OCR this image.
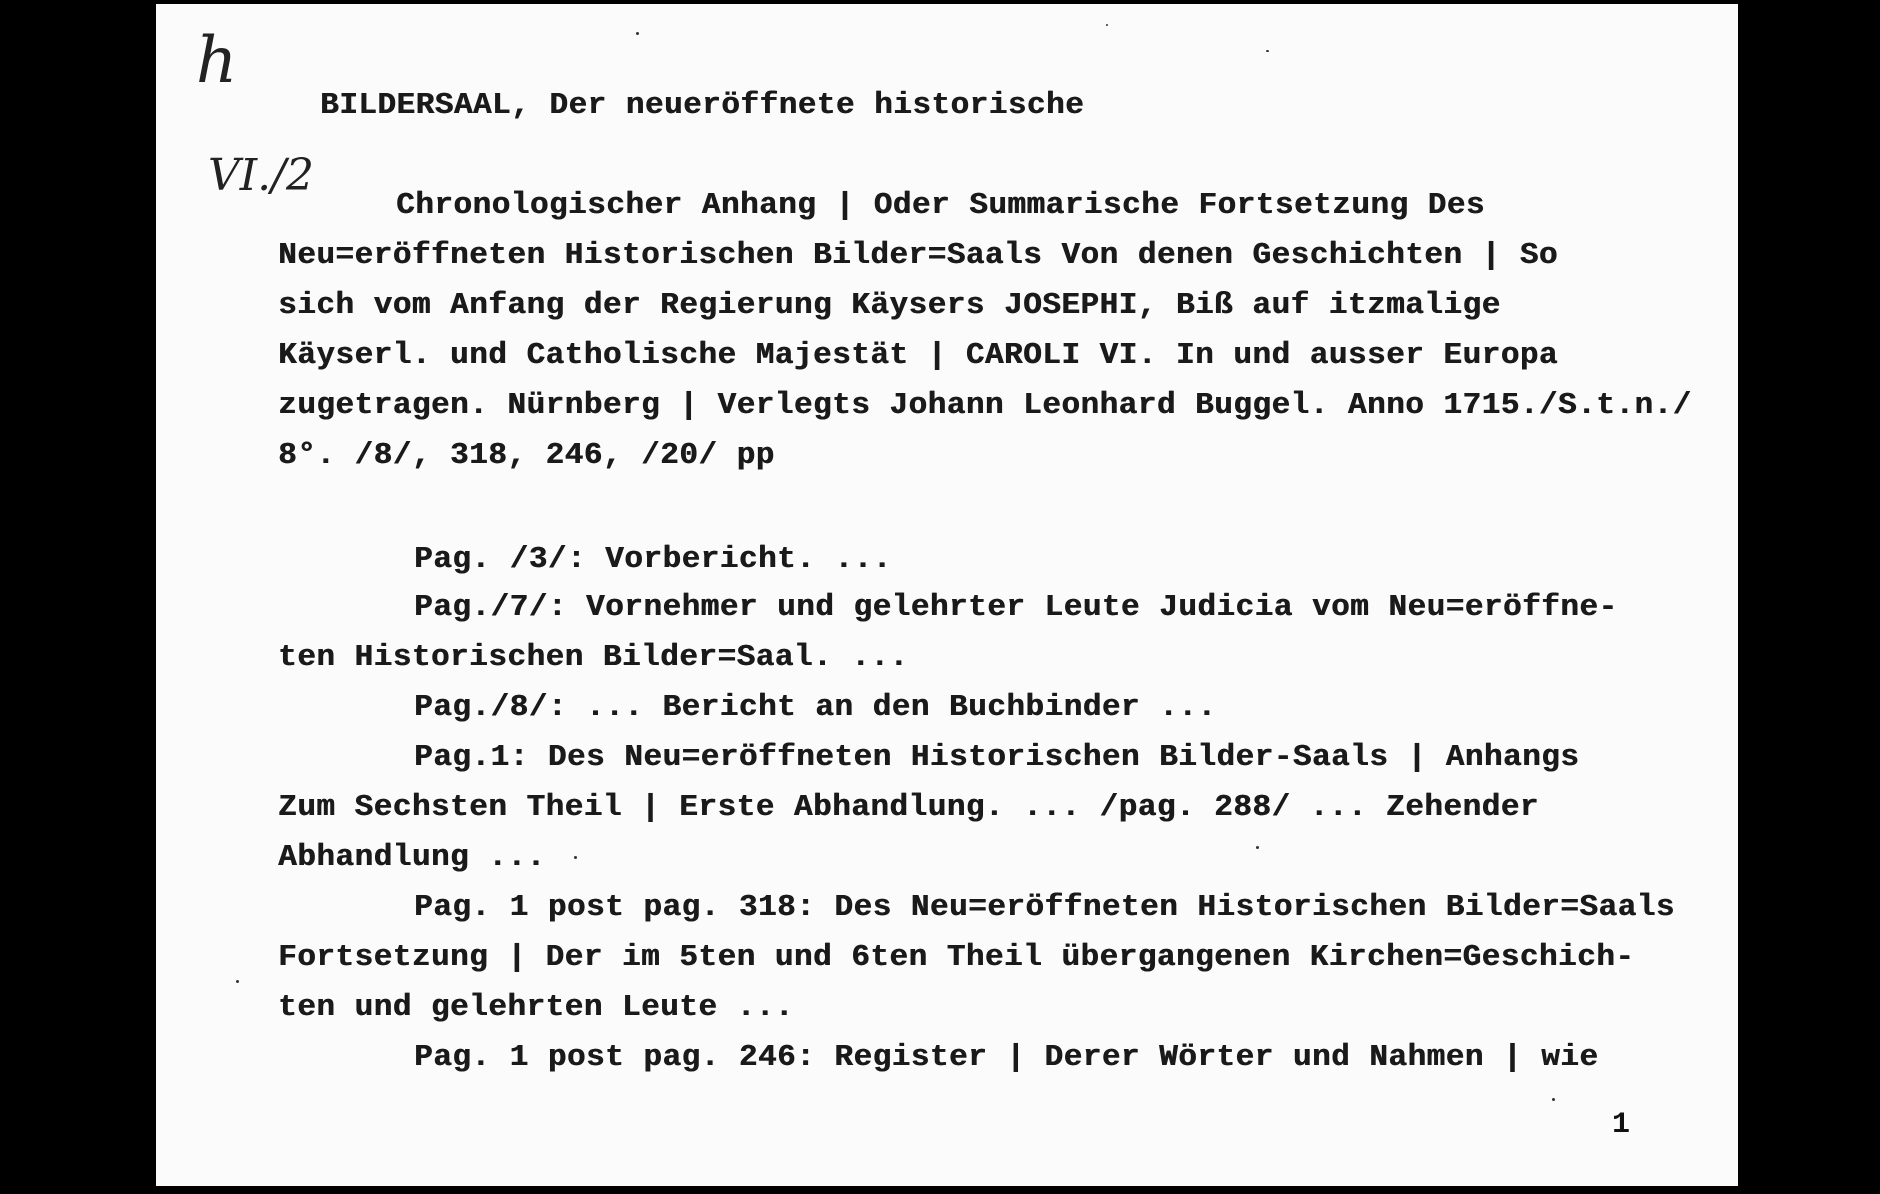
h
VI./2
BILDERSAAL, Der neueröffnete historische
Chronologischer Anhang | Oder Summarische Fortsetzung Des
Neu=eröffneten Historischen Bilder=Saals Von denen Geschichten | So
sich vom Anfang der Regierung Käysers JOSEPHI, Biß auf itzmalige
Käyserl. und Catholische Majestät | CAROLI VI. In und ausser Europa
zugetragen. Nürnberg | Verlegts Johann Leonhard Buggel. Anno 1715./S.t.n./
8°. /8/, 318, 246, /20/ pp
Pag. /3/: Vorbericht. ...
Pag./7/: Vornehmer und gelehrter Leute Judicia vom Neu=eröffne-
ten Historischen Bilder=Saal. ...
Pag./8/: ... Bericht an den Buchbinder ...
Pag.1: Des Neu=eröffneten Historischen Bilder-Saals | Anhangs
Zum Sechsten Theil | Erste Abhandlung. ... /pag. 288/ ... Zehender
Abhandlung ...
Pag. 1 post pag. 318: Des Neu=eröffneten Historischen Bilder=Saals
Fortsetzung | Der im 5ten und 6ten Theil übergangenen Kirchen=Geschich-
ten und gelehrten Leute ...
Pag. 1 post pag. 246: Register | Derer Wörter und Nahmen | wie
1
